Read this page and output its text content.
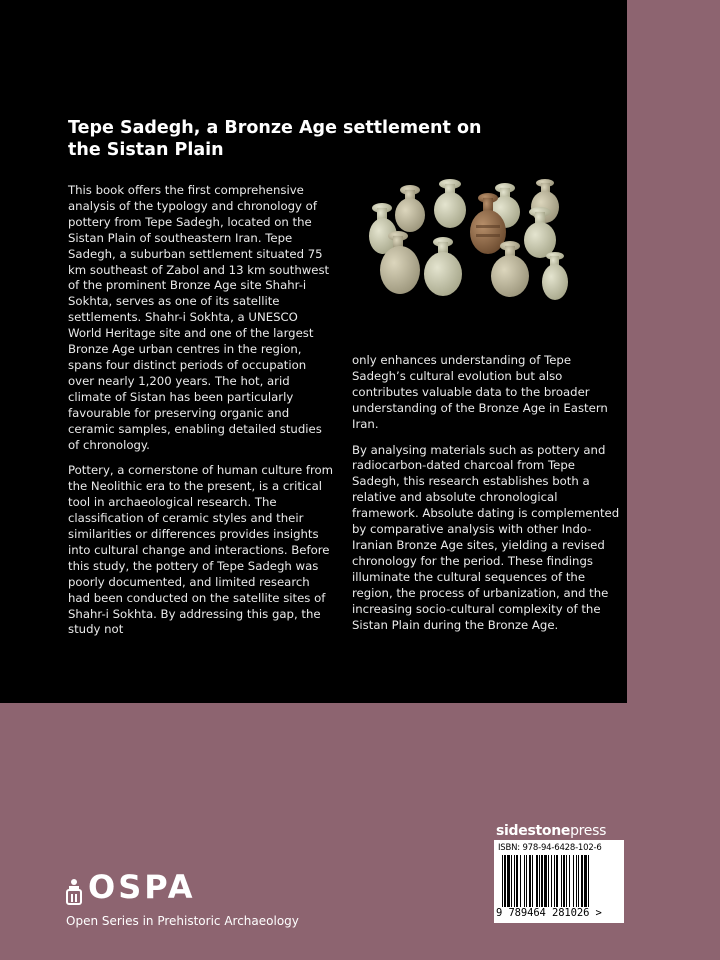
Tepe Sadegh, a Bronze Age settlement on the Sistan Plain

This book offers the first comprehensive analysis of the typology and chronology of pottery from Tepe Sadegh, located on the Sistan Plain of southeastern Iran. Tepe Sadegh, a suburban settlement situated 75 km southeast of Zabol and 13 km southwest of the prominent Bronze Age site Shahr-i Sokhta, serves as one of its satellite settlements. Shahr-i Sokhta, a UNESCO World Heritage site and one of the largest Bronze Age urban centres in the region, spans four distinct periods of occupation over nearly 1,200 years. The hot, arid climate of Sistan has been particularly favourable for preserving organic and ceramic samples, enabling detailed studies of chronology.

Pottery, a cornerstone of human culture from the Neolithic era to the present, is a critical tool in archaeological research. The classification of ceramic styles and their similarities or differences provides insights into cultural change and interactions. Before this study, the pottery of Tepe Sadegh was poorly documented, and limited research had been conducted on the satellite sites of Shahr-i Sokhta. By addressing this gap, the study not

only enhances understanding of Tepe Sadegh’s cultural evolution but also contributes valuable data to the broader understanding of the Bronze Age in Eastern Iran.

By analysing materials such as pottery and radiocarbon-dated charcoal from Tepe Sadegh, this research establishes both a relative and absolute chronological framework. Absolute dating is complemented by comparative analysis with other Indo-Iranian Bronze Age sites, yielding a revised chronology for the period. These findings illuminate the cultural sequences of the region, the process of urbanization, and the increasing socio-cultural complexity of the Sistan Plain during the Bronze Age.

sidestonepress
ISBN: 978-94-6428-102-6
9 789464 281026 >
OSPA
Open Series in Prehistoric Archaeology
